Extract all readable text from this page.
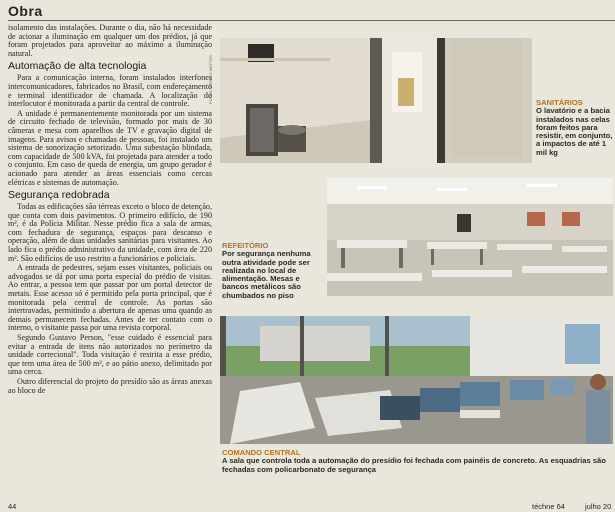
Obra

isolamento das instalações. Durante o dia, não há necessidade de acionar a iluminação em qualquer um dos prédios, já que foram projetados para aproveitar ao máximo a iluminação natural.

Automação de alta tecnologia

Para a comunicação interna, foram instalados interfones intercomunicadores, fabricados no Brasil, com endereçamento e terminal identificador de chamada. A localização do interlocutor é monitorada a partir da central de controle.

A unidade é permanentemente monitorada por um sistema de circuito fechado de televisão, formado por mais de 30 câmeras e mesa com aparelhos de TV e gravação digital de imagens. Para avisos e chamadas de pessoas, foi instalado um sistema de sonorização setorizado. Uma subestação blindada, com capacidade de 500 kVA, foi projetada para atender a todo o conjunto. Em caso de queda de energia, um grupo gerador é acionado para atender as áreas essenciais como cercas elétricas e sistemas de automação.

Segurança redobrada

Todas as edificações são térreas exceto o bloco de detenção, que conta com dois pavimentos. O primeiro edifício, de 190 m², é da Polícia Militar. Nesse prédio fica a sala de armas, com fechadura de segurança, espaços para descanso e operação, além de duas unidades sanitárias para visitantes. Ao lado fica o prédio administrativo da unidade, com área de 220 m². São edifícios de uso restrito a funcionários e policiais.

A entrada de pedestres, sejam esses visitantes, policiais ou advogados se dá por uma porta especial do prédio de visitas. Ao entrar, a pessoa tem que passar por um portal detector de metais. Esse acesso só é permitido pela porta principal, que é monitorada pela central de controle. As portas são intertravadas, permitindo a abertura de apenas uma quando as demais permanecem fechadas. Antes de ter contato com o interno, o visitante passa por uma revista corporal.

Segundo Gustavo Person, "esse cuidado é essencial para evitar a entrada de itens não autorizados no perímetro da unidade correcional". Toda visitação é restrita a esse prédio, que tem uma área de 500 m², e ao pátio anexo, delimitado por uma cerca.

Outro diferencial do projeto do presídio são as áreas anexas ao bloco de

FOTOS: SÉRGIO MATTOS	SANITÁRIOS
O lavatório e a bacia instalados nas celas foram feitos para resistir, em conjunto, a impactos de até 1 mil kg
REFEITÓRIO
Por segurança nenhuma outra atividade pode ser realizada no local de alimentação. Mesas e bancos metálicos são chumbados no piso
COMANDO CENTRAL
A sala que controla toda a automação do presídio foi fechada com painéis de concreto. As esquadrias são fechadas com policarbonato de segurança
44	téchne 64	julho 20
